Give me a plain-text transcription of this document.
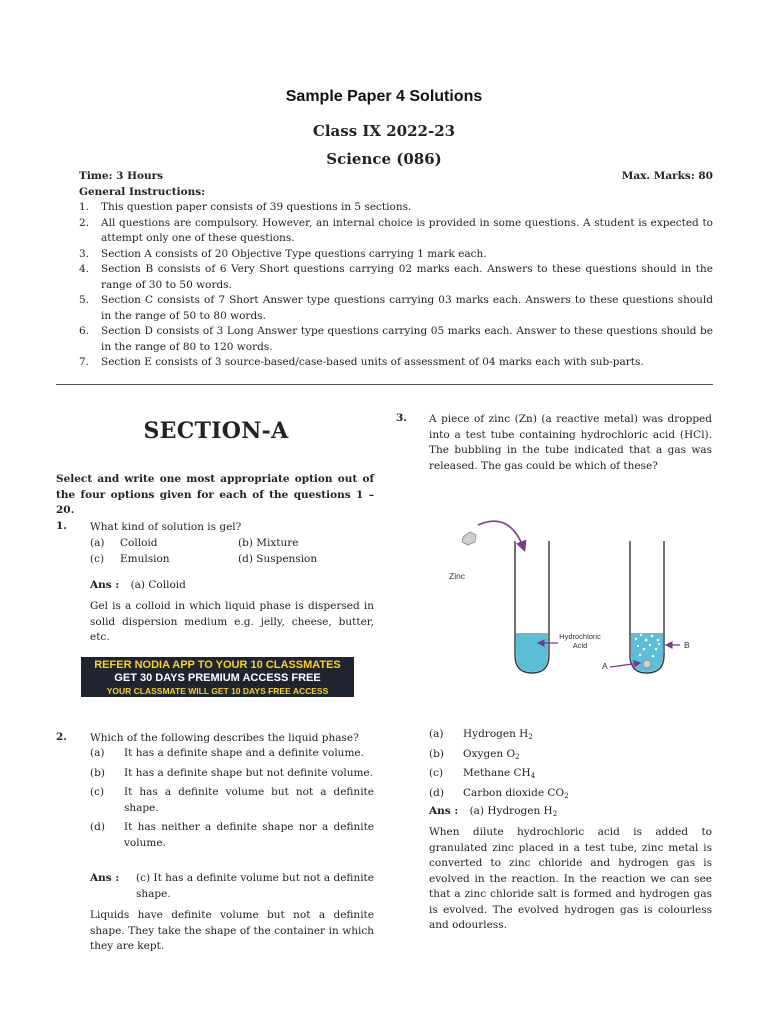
Sample Paper 4 Solutions
Class IX 2022-23
Science (086)
Time: 3 Hours	Max. Marks: 80
General Instructions:
1.	This question paper consists of 39 questions in 5 sections.
2.	All questions are compulsory. However, an internal choice is provided in some questions. A student is expected to attempt only one of these questions.
3.	Section A consists of 20 Objective Type questions carrying 1 mark each.
4.	Section B consists of 6 Very Short questions carrying 02 marks each. Answers to these questions should in the range of 30 to 50 words.
5.	Section C consists of 7 Short Answer type questions carrying 03 marks each. Answers to these questions should in the range of 50 to 80 words.
6.	Section D consists of 3 Long Answer type questions carrying 05 marks each. Answer to these questions should be in the range of 80 to 120 words.
7.	Section E consists of 3 source-based/case-based units of assessment of 04 marks each with sub-parts.
SECTION-A
Select and write one most appropriate option out of the four options given for each of the questions 1 – 20.
1. What kind of solution is gel?
(a)	Colloid	(b) Mixture
(c)	Emulsion	(d) Suspension
Ans : (a) Colloid
Gel is a colloid in which liquid phase is dispersed in solid dispersion medium e.g. jelly, cheese, butter, etc.
REFER NODIA APP TO YOUR 10 CLASSMATES
GET 30 DAYS PREMIUM ACCESS FREE
YOUR CLASSMATE WILL GET 10 DAYS FREE ACCESS
2. Which of the following describes the liquid phase?
(a)	It has a definite shape and a definite volume.
(b)	It has a definite shape but not definite volume.
(c)	It has a definite volume but not a definite shape.
(d)	It has neither a definite shape nor a definite volume.
Ans :	(c) It has a definite volume but not a definite shape.
Liquids have definite volume but not a definite shape. They take the shape of the container in which they are kept.
3. A piece of zinc (Zn) (a reactive metal) was dropped into a test tube containing hydrochloric acid (HCl). The bubbling in the tube indicated that a gas was released. The gas could be which of these?
Zinc
Hydrochloric
Acid	B
A
(a)	Hydrogen $H_2$
(b)	Oxygen $O_2$
(c)	Methane $CH_4$
(d)	Carbon dioxide $CO_2$
Ans : (a) Hydrogen $H_2$
When dilute hydrochloric acid is added to granulated zinc placed in a test tube, zinc metal is converted to zinc chloride and hydrogen gas is evolved in the reaction. In the reaction we can see that a zinc chloride salt is formed and hydrogen gas is evolved. The evolved hydrogen gas is colourless and odourless.
